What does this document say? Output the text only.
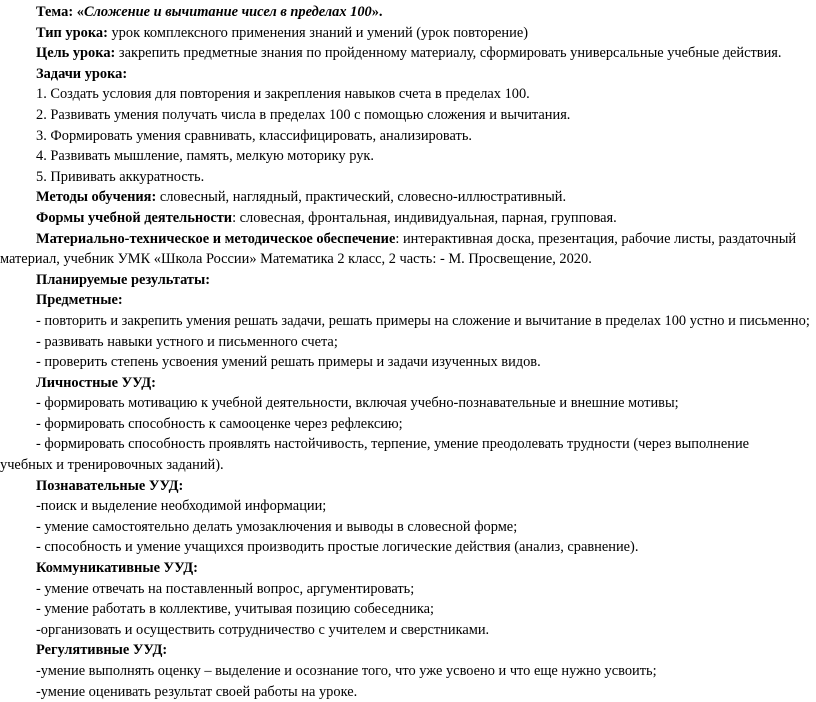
Тема: «Сложение и вычитание чисел в пределах 100».
Тип урока: урок комплексного применения знаний и умений (урок повторение)
Цель урока: закрепить предметные знания по пройденному материалу, сформировать универсальные учебные действия.
Задачи урока:
1. Создать условия для повторения и закрепления навыков счета в пределах 100.
2. Развивать умения получать числа в пределах 100 с помощью сложения и вычитания.
3. Формировать умения сравнивать, классифицировать, анализировать.
4. Развивать мышление, память, мелкую моторику рук.
5. Прививать аккуратность.
Методы обучения: словесный, наглядный, практический, словесно-иллюстративный.
Формы учебной деятельности: словесная, фронтальная, индивидуальная, парная, групповая.
Материально-техническое и методическое обеспечение: интерактивная доска, презентация, рабочие листы, раздаточный материал, учебник УМК «Школа России» Математика 2 класс, 2 часть: - М. Просвещение, 2020.
Планируемые результаты:
Предметные:
- повторить и закрепить умения решать задачи, решать примеры на сложение и вычитание в пределах 100 устно и письменно;
- развивать навыки устного и письменного счета;
- проверить степень усвоения умений решать примеры и задачи изученных видов.
Личностные УУД:
- формировать мотивацию к учебной деятельности, включая учебно-познавательные и внешние мотивы;
- формировать способность к самооценке через рефлексию;
- формировать способность проявлять настойчивость, терпение, умение преодолевать трудности (через выполнение учебных и тренировочных заданий).
Познавательные УУД:
-поиск и выделение необходимой информации;
- умение самостоятельно делать умозаключения и выводы в словесной форме;
- способность и умение учащихся производить простые логические действия (анализ, сравнение).
Коммуникативные УУД:
- умение отвечать на поставленный вопрос, аргументировать;
- умение работать в коллективе, учитывая позицию собеседника;
-организовать и осуществить сотрудничество с учителем и сверстниками.
Регулятивные УУД:
-умение выполнять оценку – выделение и осознание того, что уже усвоено и что еще нужно усвоить;
-умение оценивать результат своей работы на уроке.
